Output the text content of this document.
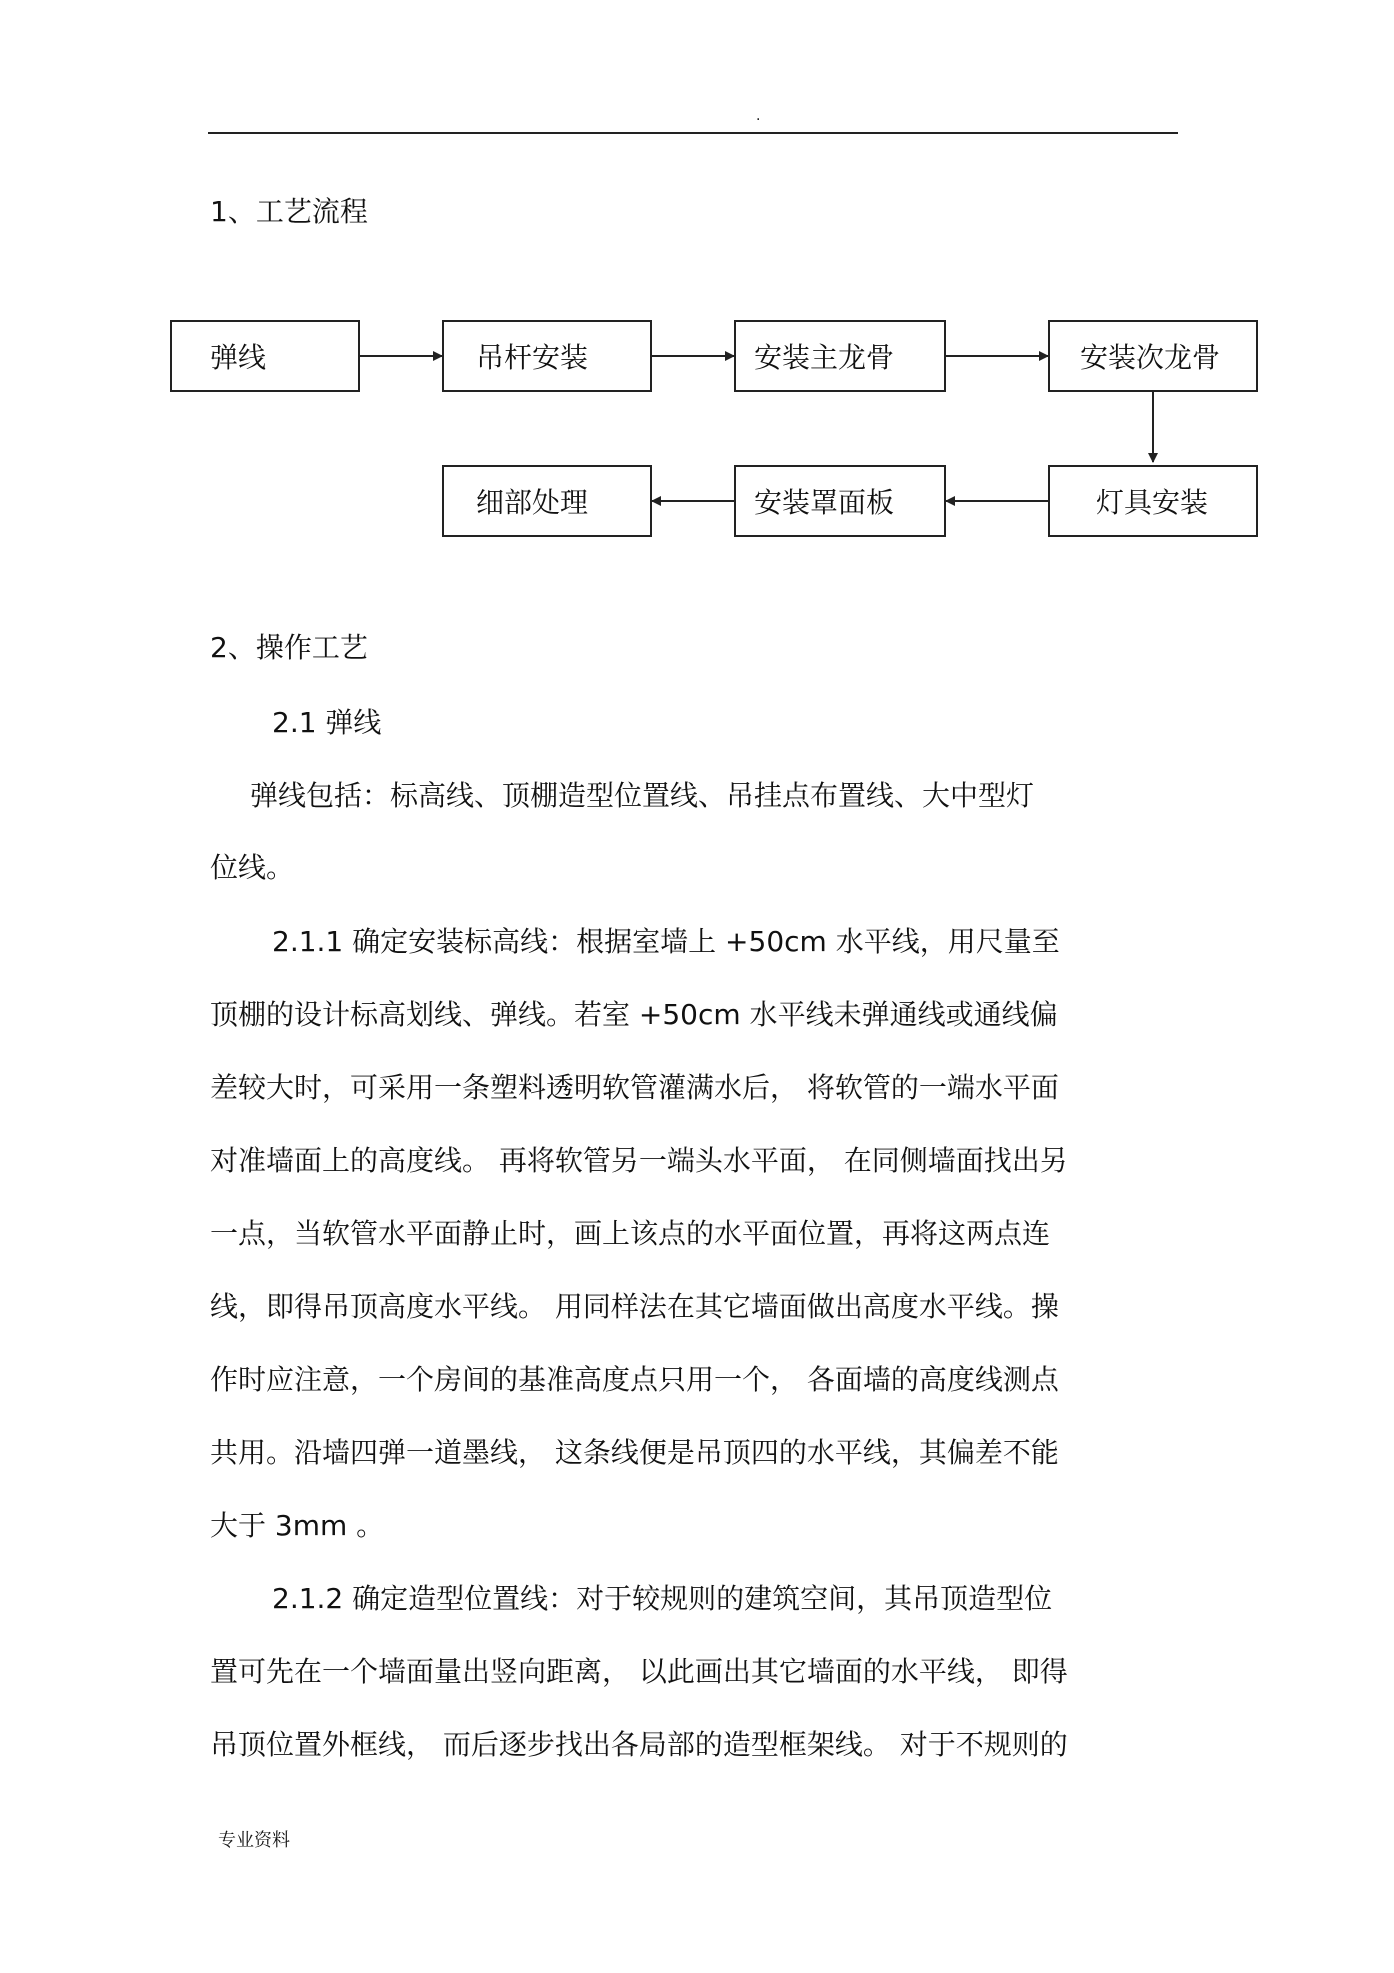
.
1、工艺流程
弹线	吊杆安装	安装主龙骨	安装次龙骨
灯具安装
安装罩面板
细部处理
2、操作工艺
2.1 弹线
弹线包括：标高线、顶棚造型位置线、吊挂点布置线、大中型灯
位线。
2.1.1 确定安装标高线：根据室墙上 +50cm 水平线，用尺量至
顶棚的设计标高划线、弹线。若室 +50cm 水平线未弹通线或通线偏
差较大时，可采用一条塑料透明软管灌满水后， 将软管的一端水平面
对准墙面上的高度线。 再将软管另一端头水平面， 在同侧墙面找出另
一点，当软管水平面静止时，画上该点的水平面位置，再将这两点连
线，即得吊顶高度水平线。 用同样法在其它墙面做出高度水平线。操
作时应注意，一个房间的基准高度点只用一个， 各面墙的高度线测点
共用。沿墙四弹一道墨线， 这条线便是吊顶四的水平线，其偏差不能
大于 3mm 。
2.1.2 确定造型位置线：对于较规则的建筑空间，其吊顶造型位
置可先在一个墙面量出竖向距离， 以此画出其它墙面的水平线， 即得
吊顶位置外框线， 而后逐步找出各局部的造型框架线。 对于不规则的
专业资料
